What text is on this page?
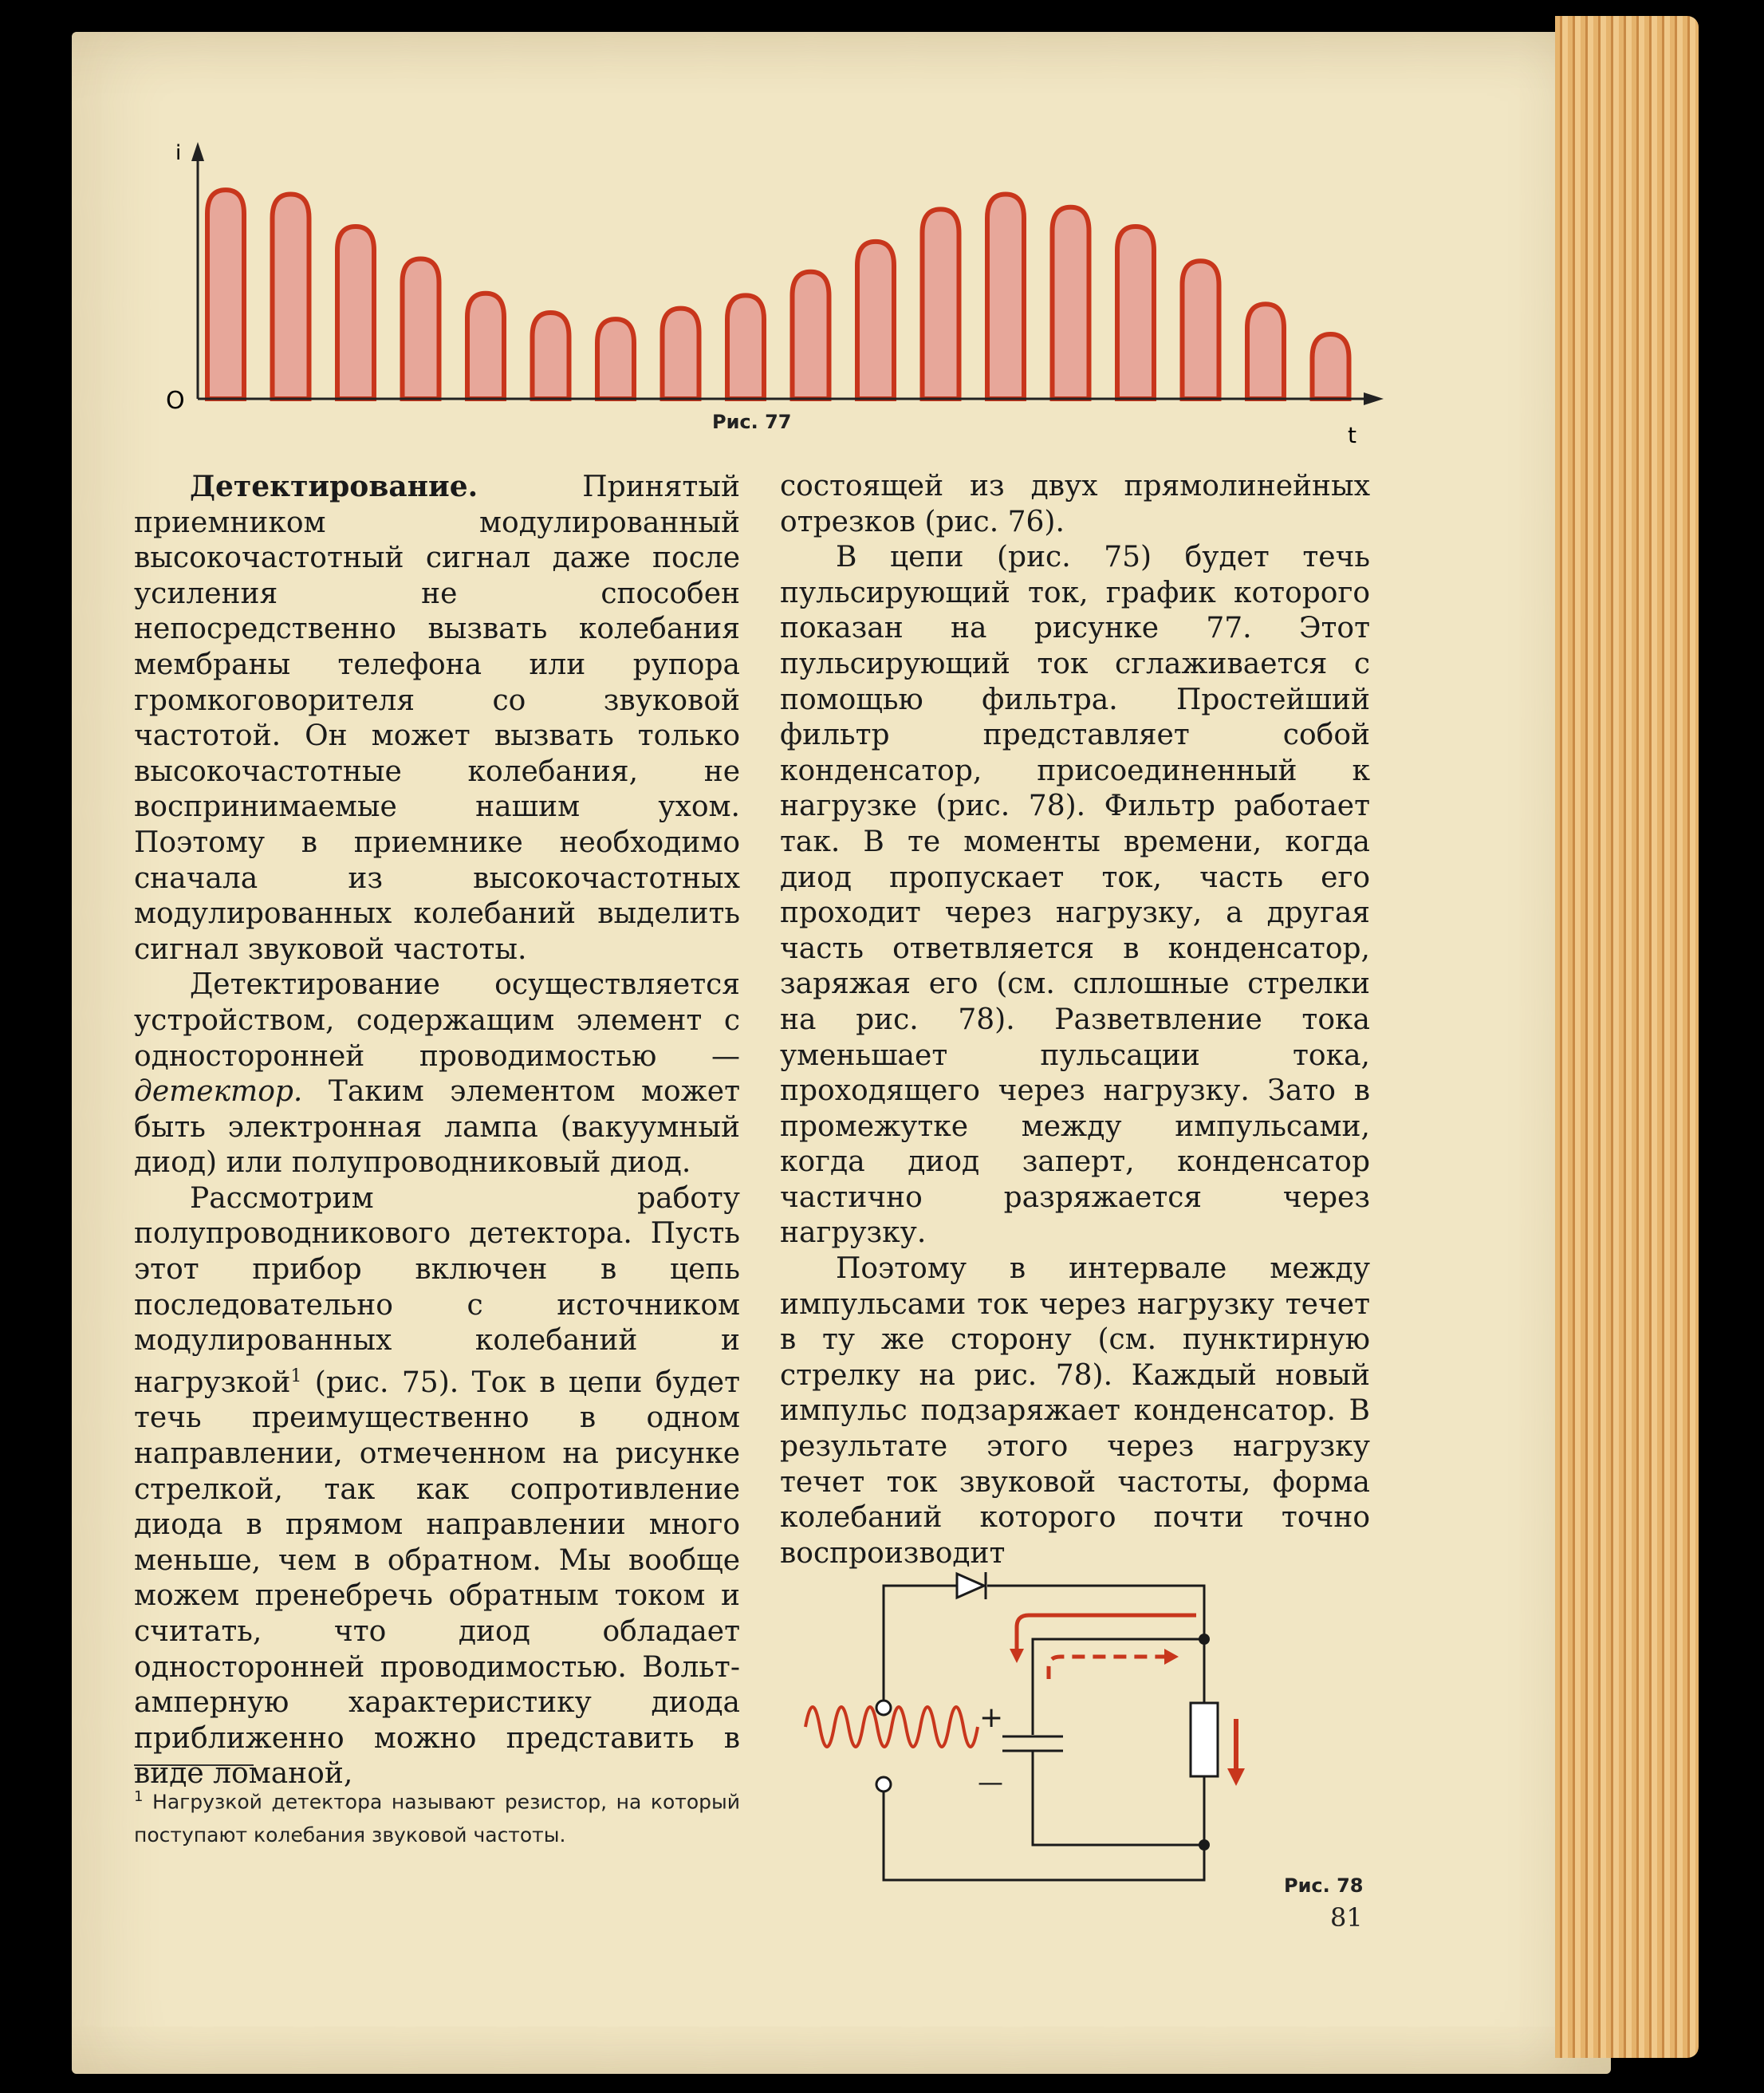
i
O
t
Рис. 77

Детектирование. Принятый приемником модулированный высокочастотный сигнал даже после усиления не способен непосредственно вызвать колебания мембраны телефона или рупора громкоговорителя со звуковой частотой. Он может вызвать только высокочастотные колебания, не воспринимаемые нашим ухом. Поэтому в приемнике необходимо сначала из высокочастотных модулированных колебаний выделить сигнал звуковой частоты.

Детектирование осуществляется устройством, содержащим элемент с односторонней проводимостью — детектор. Таким элементом может быть электронная лампа (вакуумный диод) или полупроводниковый диод.

Рассмотрим работу полупроводникового детектора. Пусть этот прибор включен в цепь последовательно с источником модулированных колебаний и нагрузкой$^1$ (рис. 75). Ток в цепи будет течь преимущественно в одном направлении, отмеченном на рисунке стрелкой, так как сопротивление диода в прямом направлении много меньше, чем в обратном. Мы вообще можем пренебречь обратным током и считать, что диод обладает односторонней проводимостью. Вольт-амперную характеристику диода приближенно можно представить в виде ломаной,

$^1$ Нагрузкой детектора называют резистор, на который поступают колебания звуковой частоты.

состоящей из двух прямолинейных отрезков (рис. 76).

В цепи (рис. 75) будет течь пульсирующий ток, график которого показан на рисунке 77. Этот пульсирующий ток сглаживается с помощью фильтра. Простейший фильтр представляет собой конденсатор, присоединенный к нагрузке (рис. 78). Фильтр работает так. В те моменты времени, когда диод пропускает ток, часть его проходит через нагрузку, а другая часть ответвляется в конденсатор, заряжая его (см. сплошные стрелки на рис. 78). Разветвление тока уменьшает пульсации тока, проходящего через нагрузку. Зато в промежутке между импульсами, когда диод заперт, конденсатор частично разряжается через нагрузку.

Поэтому в интервале между импульсами ток через нагрузку течет в ту же сторону (см. пунктирную стрелку на рис. 78). Каждый новый импульс подзаряжает конденсатор. В результате этого через нагрузку течет ток звуковой частоты, форма колебаний которого почти точно воспроизводит

+
—
Рис. 78
81
